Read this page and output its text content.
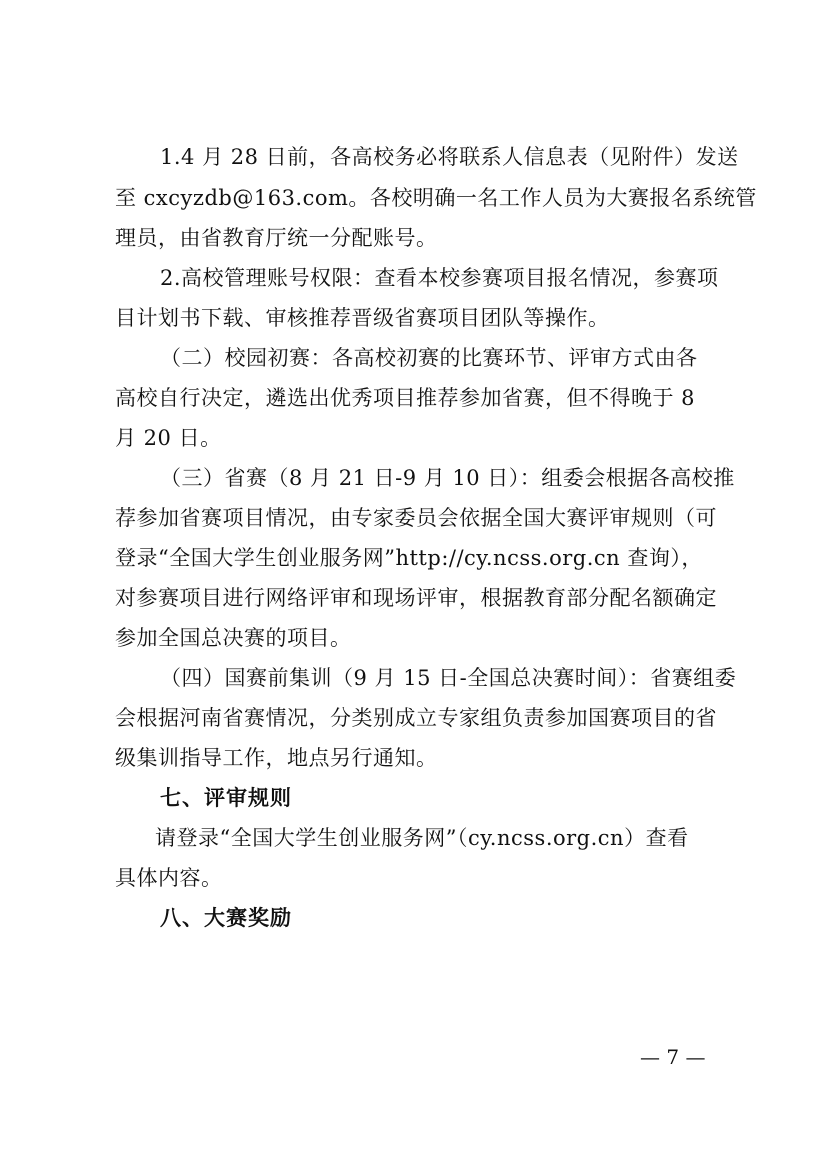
1.4 月 28 日前，各高校务必将联系人信息表（见附件）发送
至 cxcyzdb@163.com。各校明确一名工作人员为大赛报名系统管
理员，由省教育厅统一分配账号。
2.高校管理账号权限：查看本校参赛项目报名情况，参赛项
目计划书下载、审核推荐晋级省赛项目团队等操作。
（二）校园初赛：各高校初赛的比赛环节、评审方式由各
高校自行决定，遴选出优秀项目推荐参加省赛，但不得晚于 8
月 20 日。
（三）省赛（8 月 21 日-9 月 10 日）：组委会根据各高校推
荐参加省赛项目情况，由专家委员会依据全国大赛评审规则（可
登录“全国大学生创业服务网”http://cy.ncss.org.cn 查询），
对参赛项目进行网络评审和现场评审，根据教育部分配名额确定
参加全国总决赛的项目。
（四）国赛前集训（9 月 15 日-全国总决赛时间）：省赛组委
会根据河南省赛情况，分类别成立专家组负责参加国赛项目的省
级集训指导工作，地点另行通知。
七、评审规则
请登录“全国大学生创业服务网”（cy.ncss.org.cn）查看
具体内容。
八、大赛奖励
— 7 —
